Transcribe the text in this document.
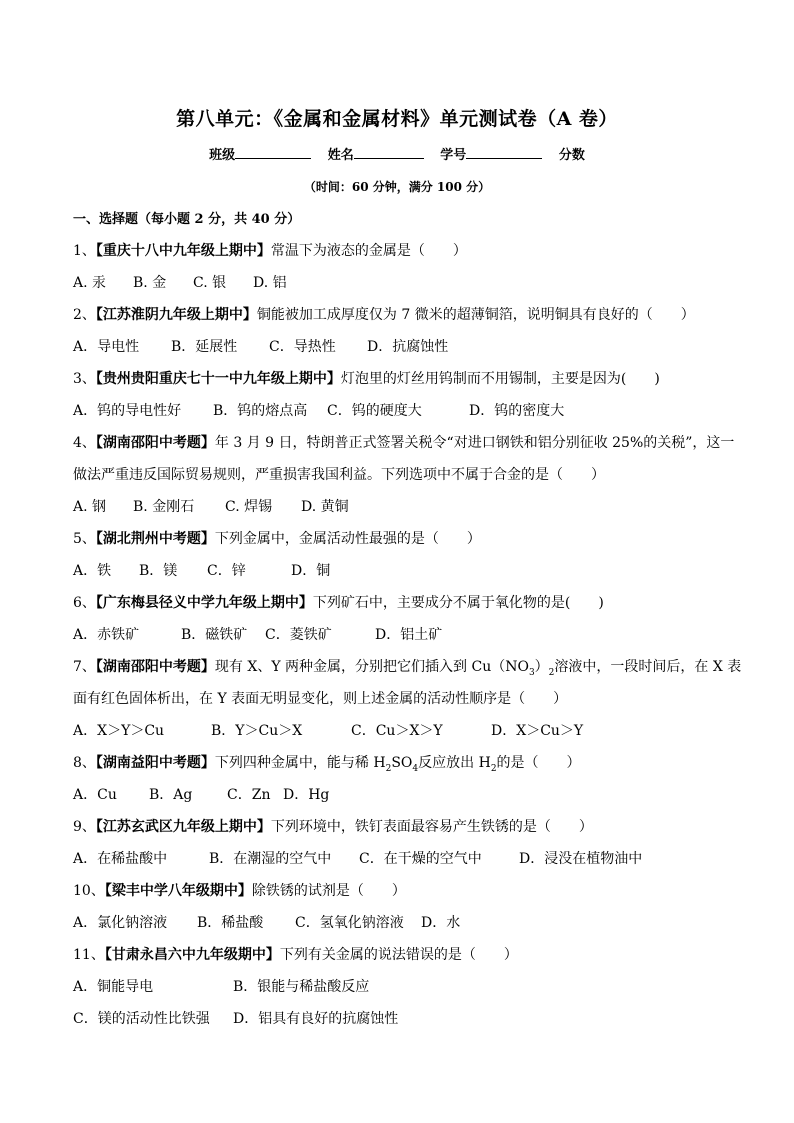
第八单元：《金属和金属材料》单元测试卷（A 卷）
班级	姓名	学号	分数
（时间：60 分钟，满分 100 分）
一、选择题（每小题 2 分，共 40 分）
1、【重庆十八中九年级上期中】常温下为液态的金属是（　　）
A. 汞 B. 金 C. 银 D. 铝
2、【江苏淮阴九年级上期中】铜能被加工成厚度仅为 7 微米的超薄铜箔，说明铜具有良好的（　　）
A．导电性 B．延展性 C．导热性 D．抗腐蚀性
3、【贵州贵阳重庆七十一中九年级上期中】灯泡里的灯丝用钨制而不用锡制，主要是因为(　　)
A．钨的导电性好 B．钨的熔点高 C．钨的硬度大	D．钨的密度大
4、【湖南邵阳中考题】年 3 月 9 日，特朗普正式签署关税令“对进口钢铁和铝分别征收 25%的关税”，这一
做法严重违反国际贸易规则，严重损害我国利益。下列选项中不属于合金的是（　　）
A. 钢 B. 金刚石 C. 焊锡 D. 黄铜
5、【湖北荆州中考题】下列金属中，金属活动性最强的是（　　）
A．铁 B．镁 C．锌	D．铜
6、【广东梅县径义中学九年级上期中】下列矿石中，主要成分不属于氧化物的是(　　)
A．赤铁矿	B．磁铁矿 C．菱铁矿	D．铝土矿
7、【湖南邵阳中考题】现有 X、Y 两种金属，分别把它们插入到 $Cu(NO_3)_2$溶液中，一段时间后，在 X 表
面有红色固体析出，在 Y 表面无明显变化，则上述金属的活动性顺序是（　　）
A．X＞Y＞Cu	B．Y＞Cu＞X	C．Cu＞X＞Y	D．X＞Cu＞Y
8、【湖南益阳中考题】下列四种金属中，能与稀 $H_2SO_4$反应放出 $H_2$的是（　　）
A．Cu B．Ag C．Zn D．Hg
9、【江苏玄武区九年级上期中】下列环境中，铁钉表面最容易产生铁锈的是（　　）
A．在稀盐酸中	B．在潮湿的空气中 C．在干燥的空气中	D．浸没在植物油中
10、【梁丰中学八年级期中】除铁锈的试剂是（　　）
A．氯化钠溶液 B．稀盐酸 C．氢氧化钠溶液 D．水
11、【甘肃永昌六中九年级期中】下列有关金属的说法错误的是（　　）
A．铜能导电	B．银能与稀盐酸反应
C．镁的活动性比铁强 D．铝具有良好的抗腐蚀性
